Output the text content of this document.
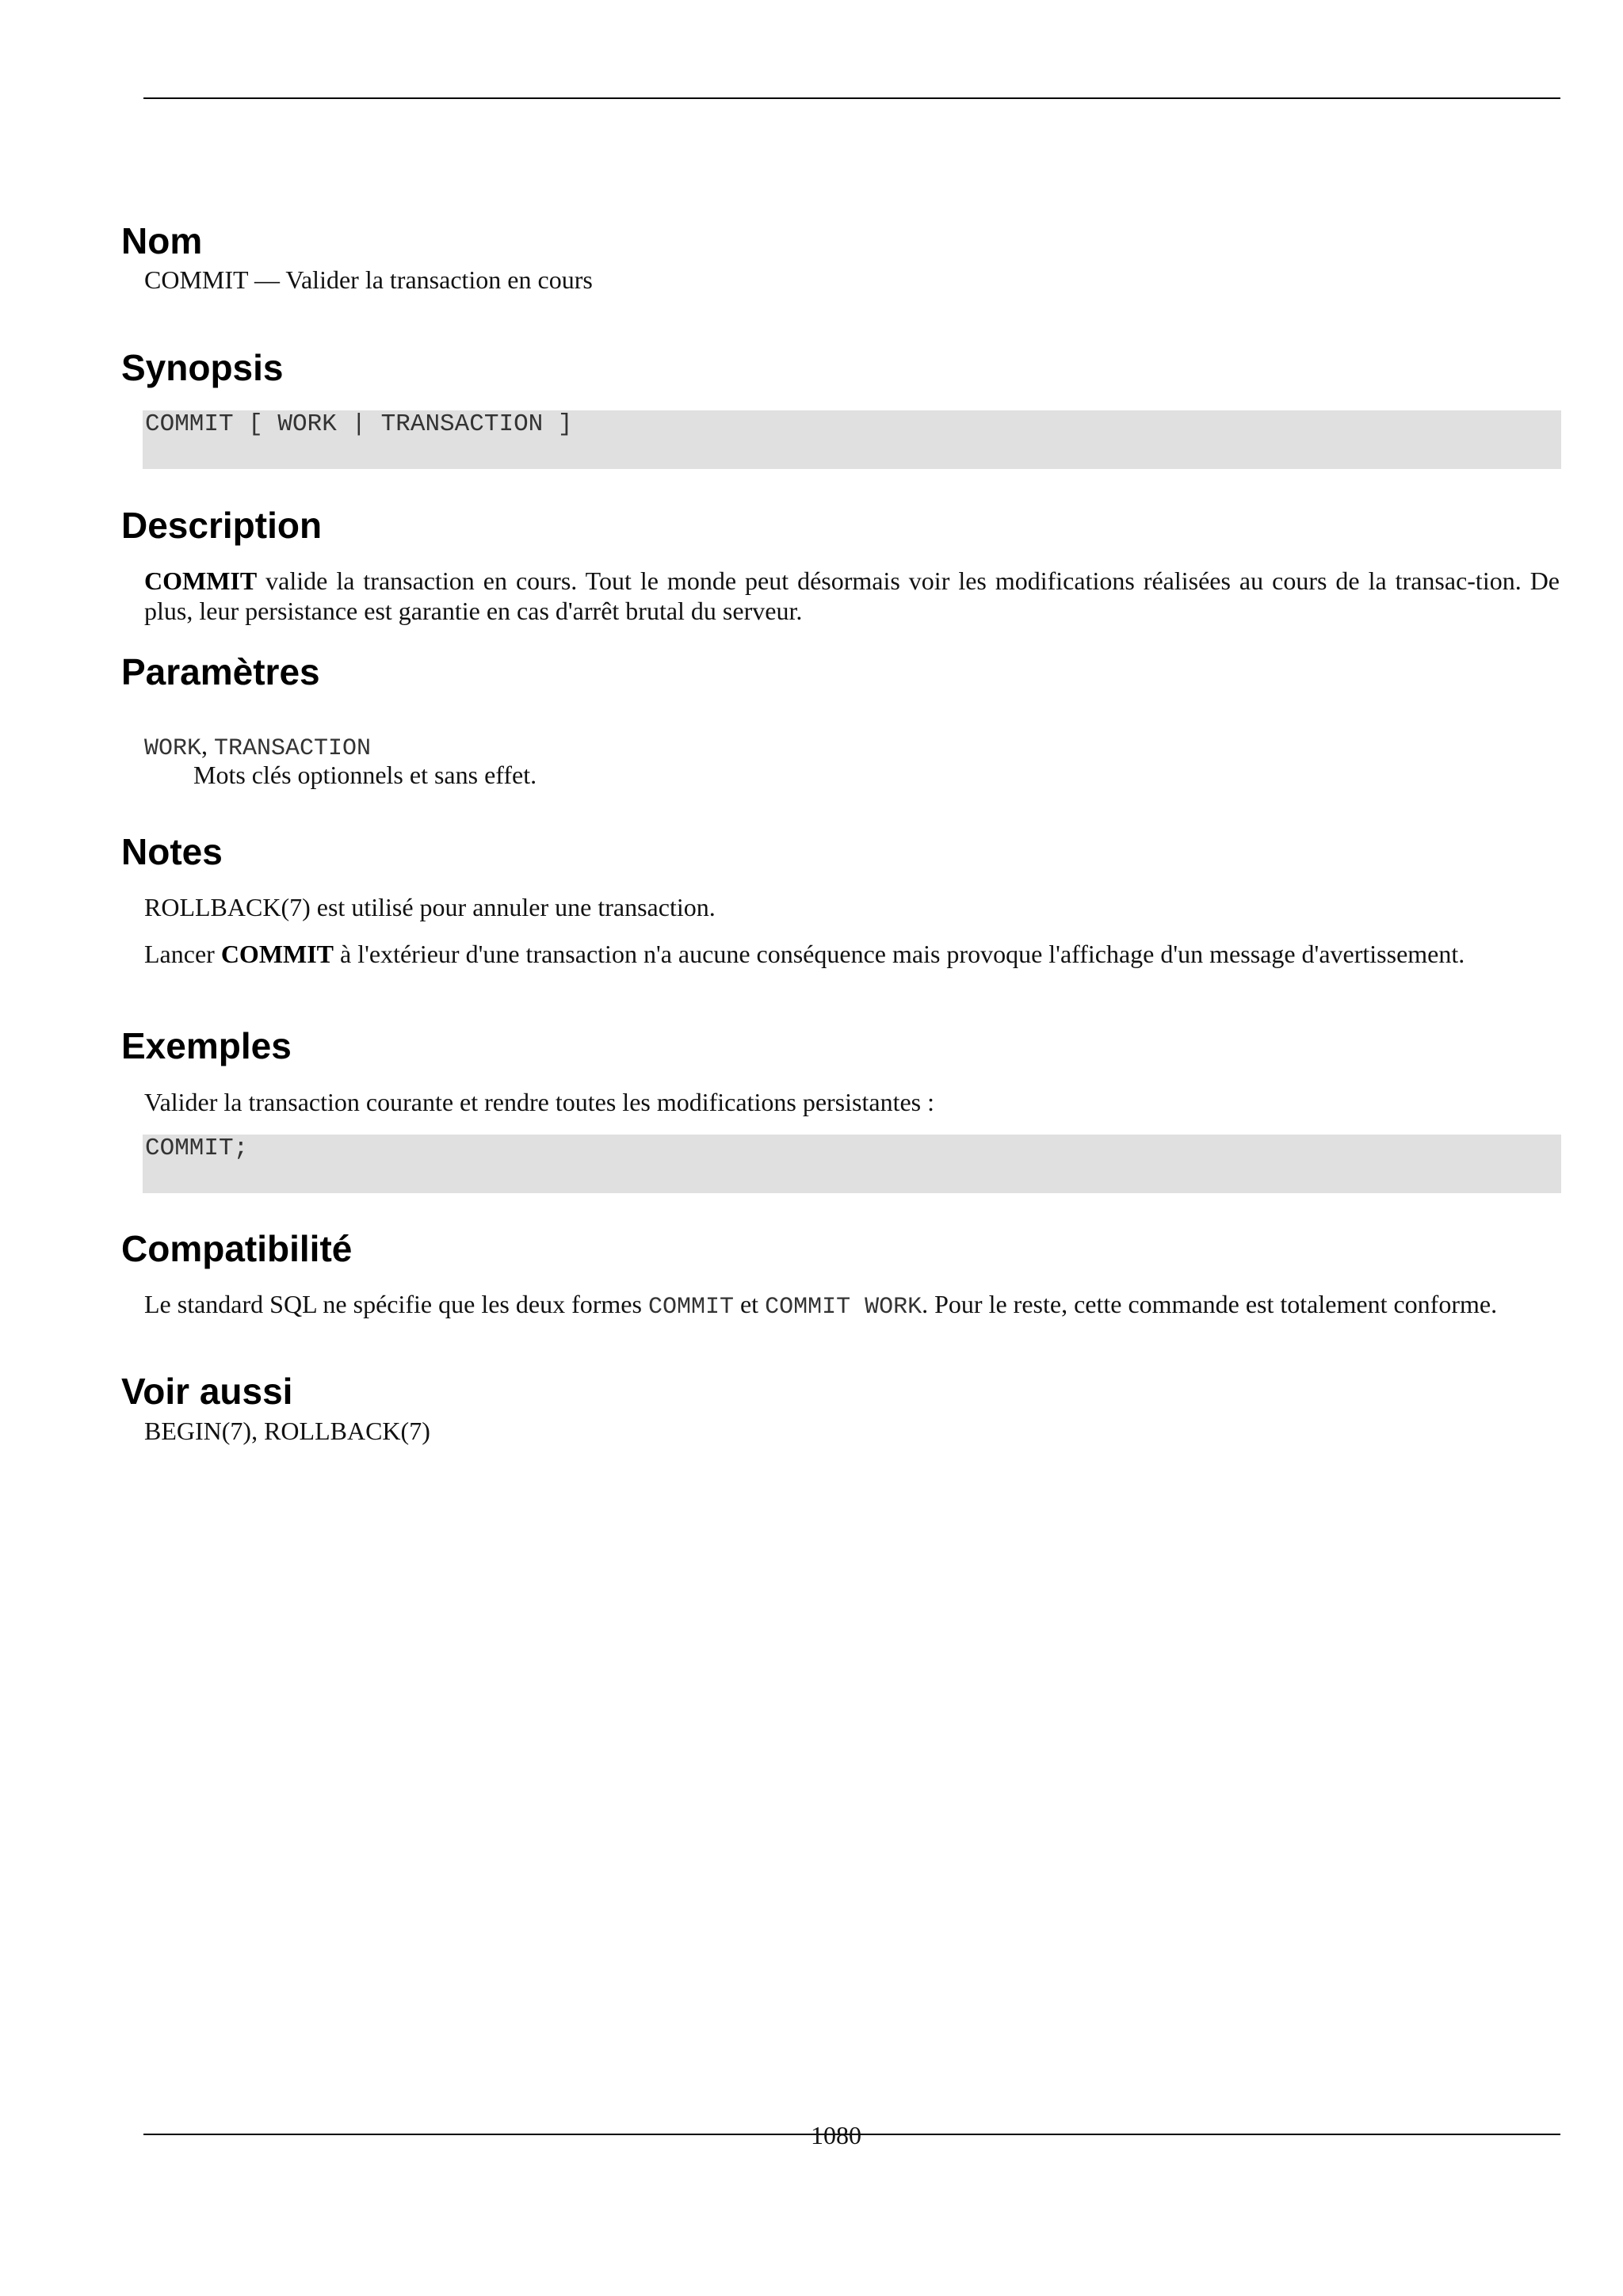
Nom

COMMIT — Valider la transaction en cours

Synopsis
COMMIT [ WORK | TRANSACTION ]
Description

COMMIT valide la transaction en cours. Tout le monde peut désormais voir les modifications réalisées au cours de la transac-tion. De plus, leur persistance est garantie en cas d'arrêt brutal du serveur.

Paramètres
WORK, TRANSACTION
Mots clés optionnels et sans effet.
Notes

ROLLBACK(7) est utilisé pour annuler une transaction.

Lancer COMMIT à l'extérieur d'une transaction n'a aucune conséquence mais provoque l'affichage d'un message d'avertissement.

Exemples

Valider la transaction courante et rendre toutes les modifications persistantes :

COMMIT;
Compatibilité

Le standard SQL ne spécifie que les deux formes COMMIT et COMMIT WORK. Pour le reste, cette commande est totalement conforme.

Voir aussi

BEGIN(7), ROLLBACK(7)

1080
